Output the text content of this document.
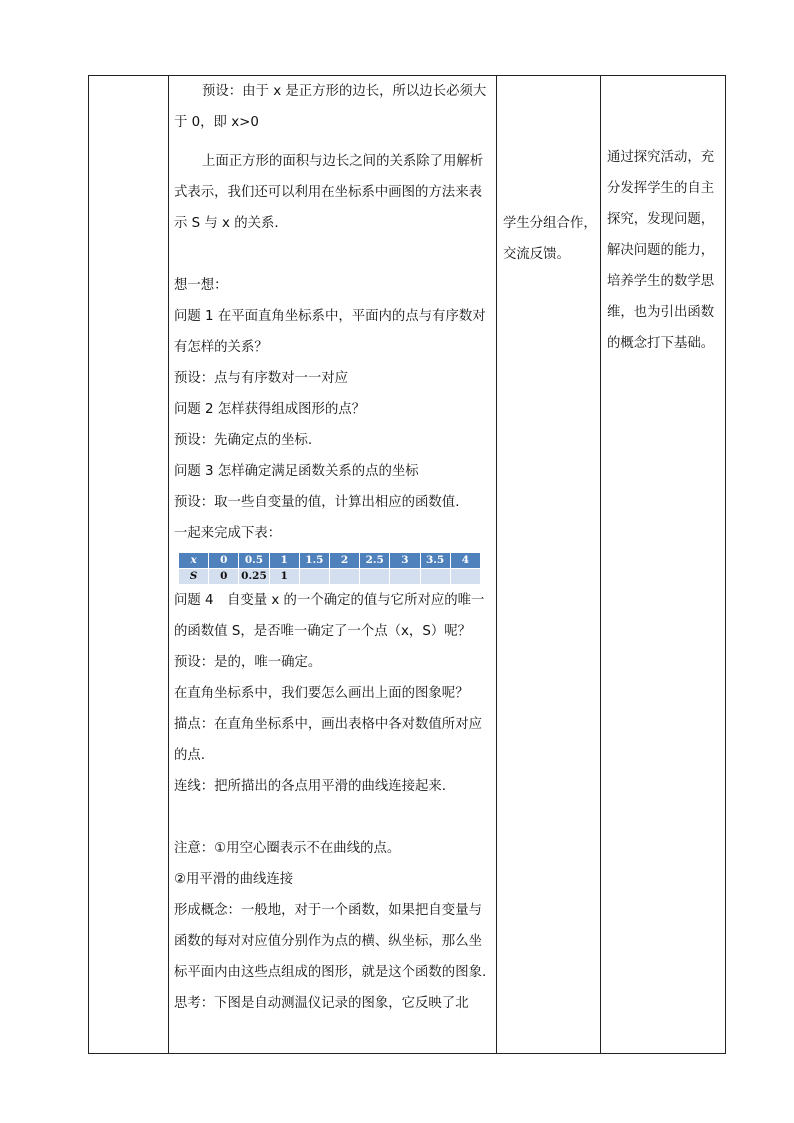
预设：由于 x 是正方形的边长，所以边长必须大于 0，即 x>0

上面正方形的面积与边长之间的关系除了用解析式表示，我们还可以利用在坐标系中画图的方法来表示 S 与 x 的关系.

想一想：

问题 1 在平面直角坐标系中，平面内的点与有序数对有怎样的关系？

预设：点与有序数对一一对应

问题 2 怎样获得组成图形的点？

预设：先确定点的坐标.

问题 3 怎样确定满足函数关系的点的坐标

预设：取一些自变量的值，计算出相应的函数值.

一起来完成下表：

x	0	0.5	1	1.5	2	2.5	3	3.5	4
S	0	0.25	1						

问题 4　自变量 x 的一个确定的值与它所对应的唯一的函数值 S，是否唯一确定了一个点（x，S）呢？

预设：是的，唯一确定。

在直角坐标系中，我们要怎么画出上面的图象呢？

描点：在直角坐标系中，画出表格中各对数值所对应的点.

连线：把所描出的各点用平滑的曲线连接起来.

注意：①用空心圈表示不在曲线的点。

②用平滑的曲线连接

形成概念：一般地，对于一个函数，如果把自变量与函数的每对对应值分别作为点的横、纵坐标，那么坐标平面内由这些点组成的图形，就是这个函数的图象.

思考：下图是自动测温仪记录的图象，它反映了北

学生分组合作，交流反馈。

通过探究活动，充分发挥学生的自主探究，发现问题，解决问题的能力，培养学生的数学思维，也为引出函数的概念打下基础。
